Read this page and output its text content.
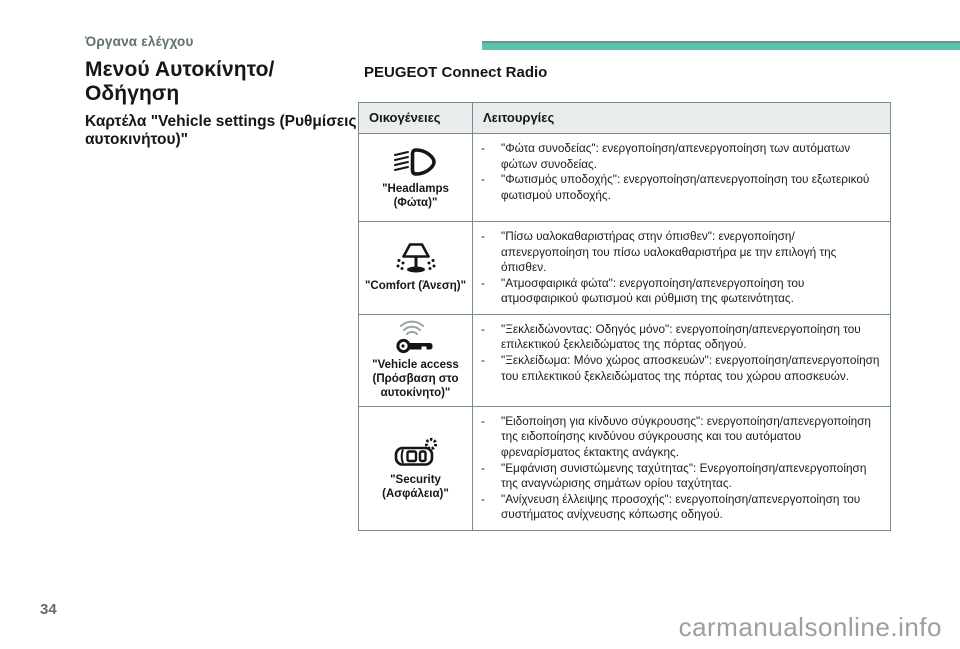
Όργανα ελέγχου
Μενού Αυτοκίνητο/Οδήγηση
Καρτέλα "Vehicle settings (Ρυθμίσεις αυτοκινήτου)"
PEUGEOT Connect Radio
Οικογένειες	Λειτουργίες
"Headlamps (Φώτα)"
-	"Φώτα συνοδείας": ενεργοποίηση/απενεργοποίηση των αυτόματων φώτων συνοδείας.
-	"Φωτισμός υποδοχής": ενεργοποίηση/απενεργοποίηση του εξωτερικού φωτισμού υποδοχής.
"Comfort (Άνεση)"
-	"Πίσω υαλοκαθαριστήρας στην όπισθεν": ενεργοποίηση/απενεργοποίηση του πίσω υαλοκαθαριστήρα με την επιλογή της όπισθεν.
-	"Ατμοσφαιρικά φώτα": ενεργοποίηση/απενεργοποίηση του ατμοσφαιρικού φωτισμού και ρύθμιση της φωτεινότητας.
"Vehicle access (Πρόσβαση στο αυτοκίνητο)"
-	"Ξεκλειδώνοντας: Οδηγός μόνο": ενεργοποίηση/απενεργοποίηση του επιλεκτικού ξεκλειδώματος της πόρτας οδηγού.
-	"Ξεκλείδωμα: Μόνο χώρος αποσκευών": ενεργοποίηση/απενεργοποίηση του επιλεκτικού ξεκλειδώματος της πόρτας του χώρου αποσκευών.
"Security (Ασφάλεια)"
-	"Ειδοποίηση για κίνδυνο σύγκρουσης": ενεργοποίηση/απενεργοποίηση της ειδοποίησης κινδύνου σύγκρουσης και του αυτόματου φρεναρίσματος έκτακτης ανάγκης.
-	"Εμφάνιση συνιστώμενης ταχύτητας": Ενεργοποίηση/απενεργοποίηση της αναγνώρισης σημάτων ορίου ταχύτητας.
-	"Ανίχνευση έλλειψης προσοχής": ενεργοποίηση/απενεργοποίηση του συστήματος ανίχνευσης κόπωσης οδηγού.
34
carmanualsonline.info
